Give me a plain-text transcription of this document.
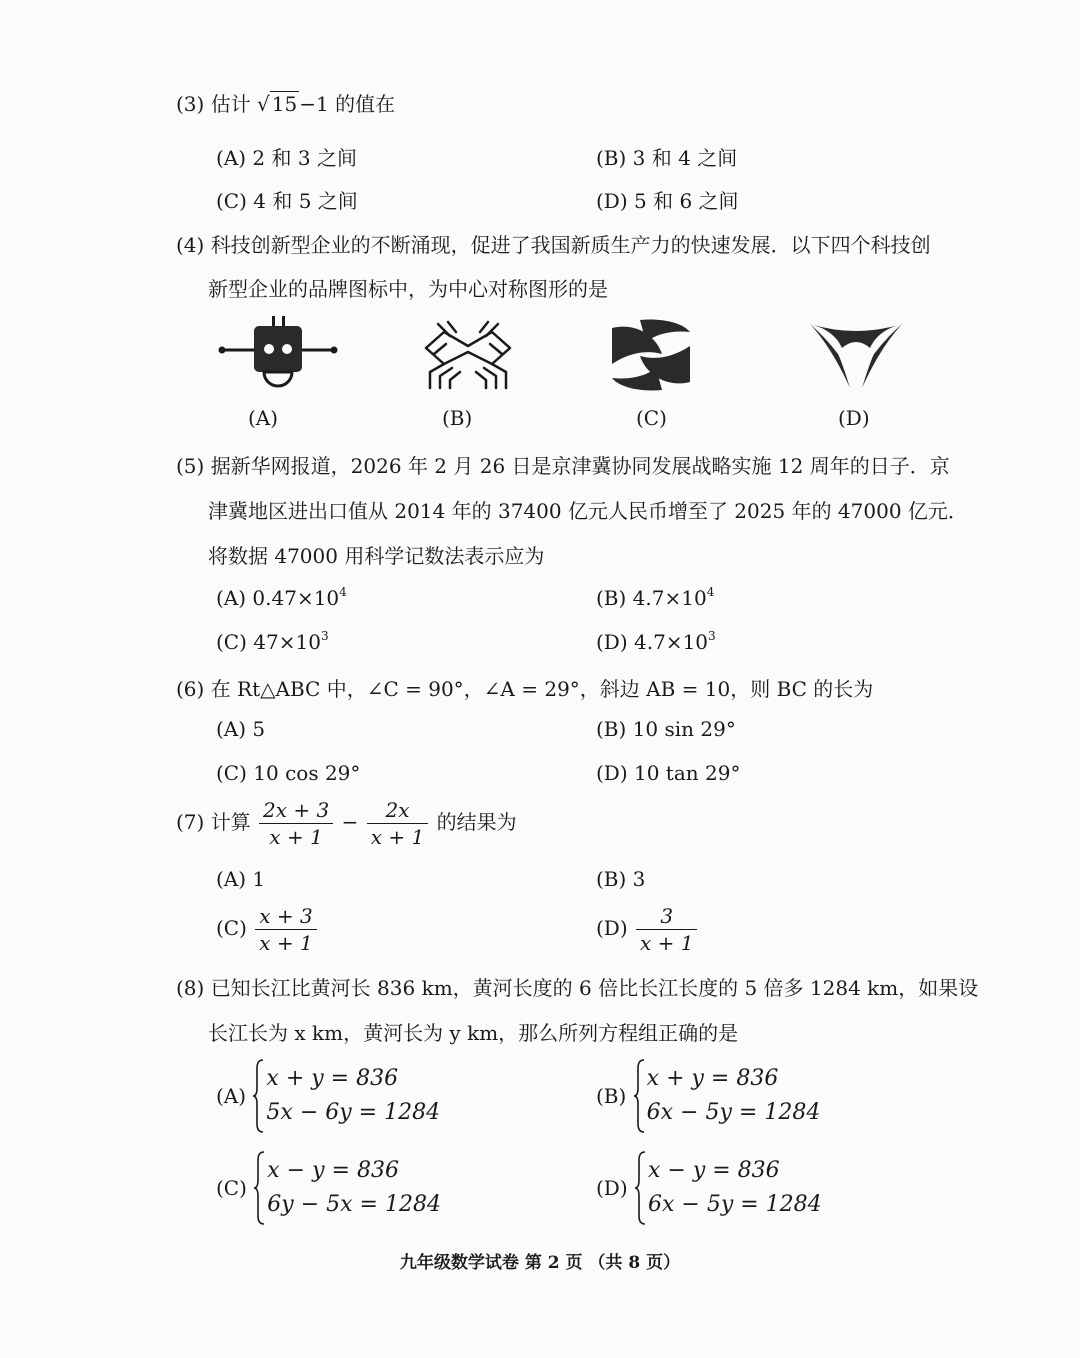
(3) 估计 √ 15 −1 的值在
(A) 2 和 3 之间	(B) 3 和 4 之间
(C) 4 和 5 之间	(D) 5 和 6 之间
(4) 科技创新型企业的不断涌现，促进了我国新质生产力的快速发展．以下四个科技创
新型企业的品牌图标中，为中心对称图形的是
(A)	(B)	(C)	(D)
(5) 据新华网报道，2026 年 2 月 26 日是京津冀协同发展战略实施 12 周年的日子．京
津冀地区进出口值从 2014 年的 37400 亿元人民币增至了 2025 年的 47000 亿元．
将数据 47000 用科学记数法表示应为
(A) $0.47\times 10^4$	(B) $4.7\times 10^4$
(C) $47\times 10^3$	(D) $4.7\times 10^3$
(6) 在 Rt△ABC 中，∠C = 90°，∠A = 29°，斜边 AB = 10，则 BC 的长为
(A) 5	(B) 10 sin 29°
(C) 10 cos 29°	(D) 10 tan 29°
(7) 计算 $\frac{2x + 3}{x + 1} - \frac{2x}{x + 1}$ 的结果为
(A) 1	(B) 3
$(C) \frac{x + 3}{x + 1}$	$(D) \frac{3}{x + 1}$
(8) 已知长江比黄河长 836 km，黄河长度的 6 倍比长江长度的 5 倍多 1284 km，如果设
长江长为 x km，黄河长为 y km，那么所列方程组正确的是
(A)
x + y = 836
5x − 6y = 1284
(B)
x + y = 836
6x − 5y = 1284
(C)
x − y = 836
6y − 5x = 1284
(D)
x − y = 836
6x − 5y = 1284
九年级数学试卷 第 2 页 （共 8 页）
